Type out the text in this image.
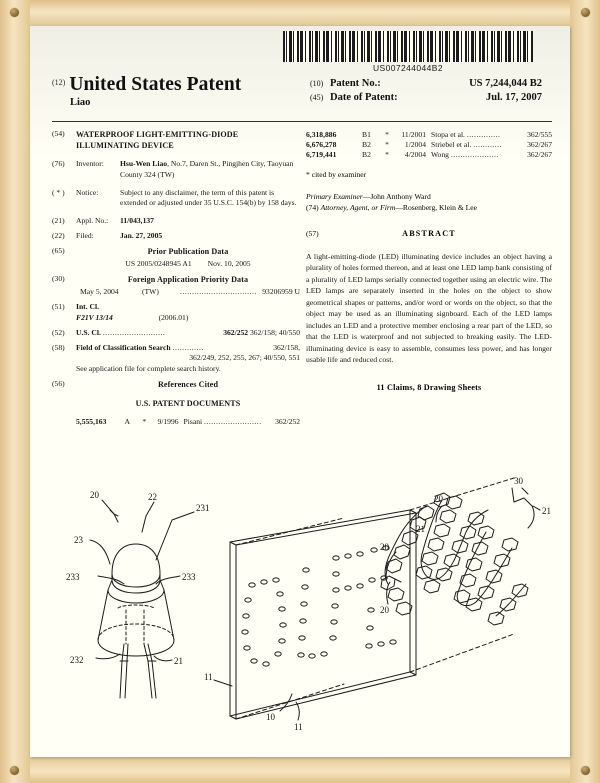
US007244044B2
$^{(12)}$ United States Patent
Liao
(10) Patent No.:	US 7,244,044 B2
(45) Date of Patent:	Jul. 17, 2007
(54)	WATERPROOF LIGHT-EMITTING-DIODE ILLUMINATING DEVICE
(76)	Inventor:	Hsu-Wen Liao, No.7, Daren St., Pingjhen City, Taoyuan County 324 (TW)
( * )	Notice:	Subject to any disclaimer, the term of this patent is extended or adjusted under 35 U.S.C. 154(b) by 158 days.
(21)	Appl. No.:	11/043,137
(22)	Filed:	Jan. 27, 2005
(65)	Prior Publication Data
US 2005/0248945 A1 Nov. 10, 2005
(30)	Foreign Application Priority Data
May 5, 2004	(TW)	................................ 93206959 U
(51)	Int. Cl.
F21V 13/14	(2006.01)
(52)	U.S. Cl. ..........................	362/252 362/158; 40/550
(58)	Field of Classification Search .............	362/158,
362/249, 252, 255, 267; 40/550, 551
See application file for complete search history.
(56)	References Cited
U.S. PATENT DOCUMENTS
5,555,163	A	*	9/1996	Pisani ........................	362/252
6,318,886	B1	*	11/2001	Stopa et al. ..............	362/555
6,676,278	B2	*	1/2004	Striebel et al. ............	362/267
6,719,441	B2	*	4/2004	Wong ....................	362/267
* cited by examiner
Primary Examiner—John Anthony Ward
(74) Attorney, Agent, or Firm—Rosenberg, Klein & Lee
(57)	ABSTRACT
A light-emitting-diode (LED) illuminating device includes an object having a plurality of holes formed thereon, and at least one LED lamp bank consisting of a plurality of LED lamps serially connected together using an electric wire. The LED lamps are separately inserted in the holes on the object to show geometrical shapes or patterns, and/or word or words on the object, so that the object may be used as an illuminating signboard. Each of the LED lamps includes an LED and a protective member enclosing a rear part of the LED, so that the LED is waterproof and not subjected to breaking easily. The LED-illuminating device is easy to assemble, consumes less power, and has longer usable life and reduced cost.
11 Claims, 8 Drawing Sheets
20	22
231
23
233	233
232	21
20
20
20
21
21
30
11
11
10
